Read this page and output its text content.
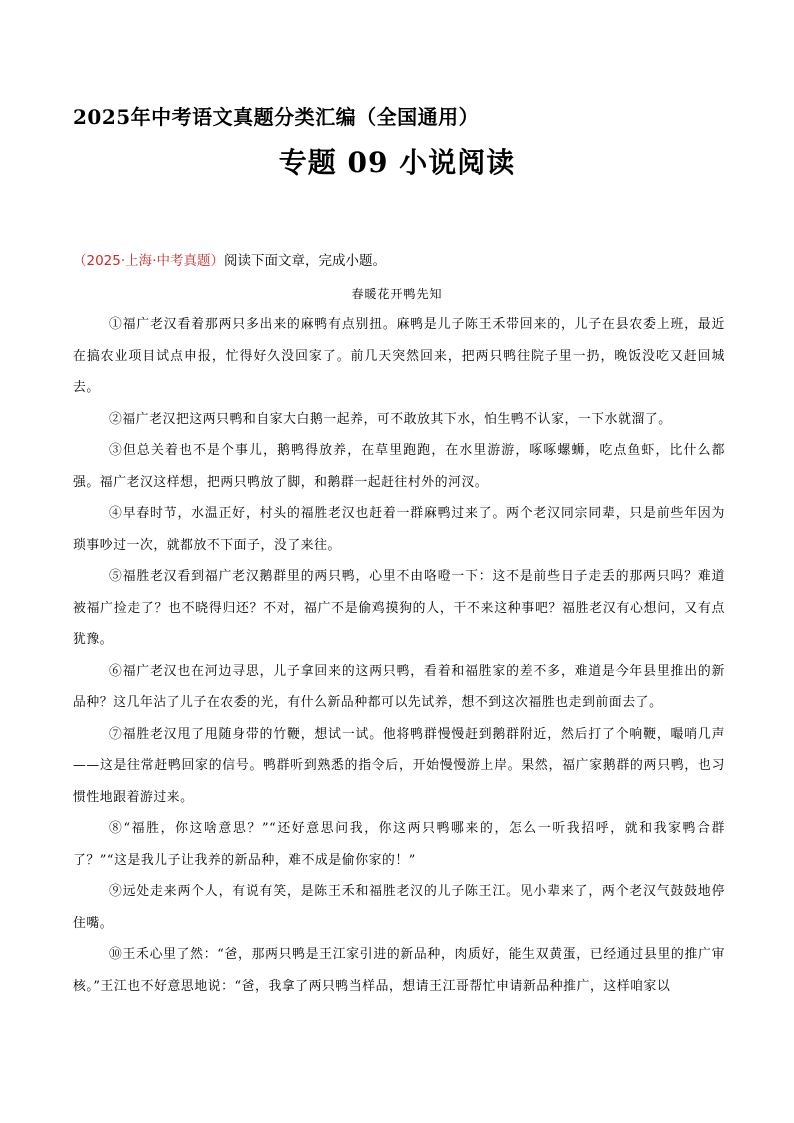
2025年中考语文真题分类汇编（全国通用）
专题 09 小说阅读
（2025·上海·中考真题）阅读下面文章，完成小题。
春暖花开鸭先知

①福广老汉看着那两只多出来的麻鸭有点别扭。麻鸭是儿子陈王禾带回来的，儿子在县农委上班，最近在搞农业项目试点申报，忙得好久没回家了。前几天突然回来，把两只鸭往院子里一扔，晚饭没吃又赶回城去。

②福广老汉把这两只鸭和自家大白鹅一起养，可不敢放其下水，怕生鸭不认家，一下水就溜了。

③但总关着也不是个事儿，鹅鸭得放养，在草里跑跑，在水里游游，啄啄螺蛳，吃点鱼虾，比什么都强。福广老汉这样想，把两只鸭放了脚，和鹅群一起赶往村外的河汊。

④早春时节，水温正好，村头的福胜老汉也赶着一群麻鸭过来了。两个老汉同宗同辈，只是前些年因为琐事吵过一次，就都放不下面子，没了来往。

⑤福胜老汉看到福广老汉鹅群里的两只鸭，心里不由咯噔一下：这不是前些日子走丢的那两只吗？难道被福广捡走了？也不晓得归还？不对，福广不是偷鸡摸狗的人，干不来这种事吧？福胜老汉有心想问，又有点犹豫。

⑥福广老汉也在河边寻思，儿子拿回来的这两只鸭，看着和福胜家的差不多，难道是今年县里推出的新品种？这几年沾了儿子在农委的光，有什么新品种都可以先试养，想不到这次福胜也走到前面去了。

⑦福胜老汉甩了甩随身带的竹鞭，想试一试。他将鸭群慢慢赶到鹅群附近，然后打了个响鞭，嘬哨几声——这是往常赶鸭回家的信号。鸭群听到熟悉的指令后，开始慢慢游上岸。果然，福广家鹅群的两只鸭，也习惯性地跟着游过来。

⑧“福胜，你这啥意思？”“还好意思问我，你这两只鸭哪来的，怎么一听我招呼，就和我家鸭合群了？”“这是我儿子让我养的新品种，难不成是偷你家的！”

⑨远处走来两个人，有说有笑，是陈王禾和福胜老汉的儿子陈王江。见小辈来了，两个老汉气鼓鼓地停住嘴。

⑩王禾心里了然：“爸，那两只鸭是王江家引进的新品种，肉质好，能生双黄蛋，已经通过县里的推广审核。”王江也不好意思地说：“爸，我拿了两只鸭当样品，想请王江哥帮忙申请新品种推广，这样咱家以
